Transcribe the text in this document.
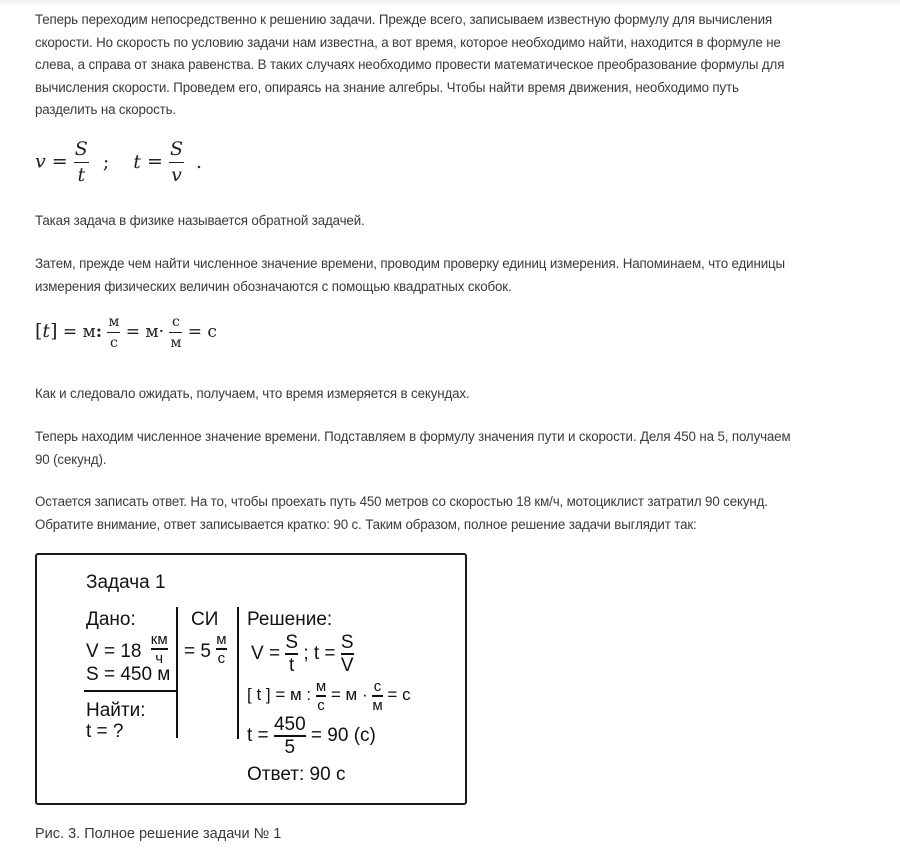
Теперь переходим непосредственно к решению задачи. Прежде всего, записываем известную формулу для вычисления

скорости. Но скорость по условию задачи нам известна, а вот время, которое необходимо найти, находится в формуле не

слева, а справа от знака равенства. В таких случаях необходимо провести математическое преобразование формулы для

вычисления скорости. Проведем его, опираясь на знание алгебры. Чтобы найти время движения, необходимо путь

разделить на скорость.

$v = \frac{S}{t}$ ; $t = \frac{S}{v}$ .

Такая задача в физике называется обратной задачей.

Затем, прежде чем найти численное значение времени, проводим проверку единиц измерения. Напоминаем, что единицы

измерения физических величин обозначаются с помощью квадратных скобок.

[t] = м: $\frac{м}{с} = м\cdot \frac{с}{м} = с$

Как и следовало ожидать, получаем, что время измеряется в секундах.

Теперь находим численное значение времени. Подставляем в формулу значения пути и скорости. Деля 450 на 5, получаем

90 (секунд).

Остается записать ответ. На то, чтобы проехать путь 450 метров со скоростью 18 км/ч, мотоциклист затратил 90 секунд.

Обратите внимание, ответ записывается кратко: 90 с. Таким образом, полное решение задачи выглядит так:

Задача 1
Дано:
$V = 18 \frac{км}{ч}$
S = 450 м
Найти:
t = ?
СИ
= $5 \frac{м}{с}$
Решение:
$V = \frac{S}{t}$ ; $t = \frac{S}{V}$
[ t ] = м : $\frac{м}{с} = м \cdot \frac{с}{м} = с$
$t = \frac{450}{5} = 90$ (с)
Ответ: 90 с
Рис. 3. Полное решение задачи № 1
